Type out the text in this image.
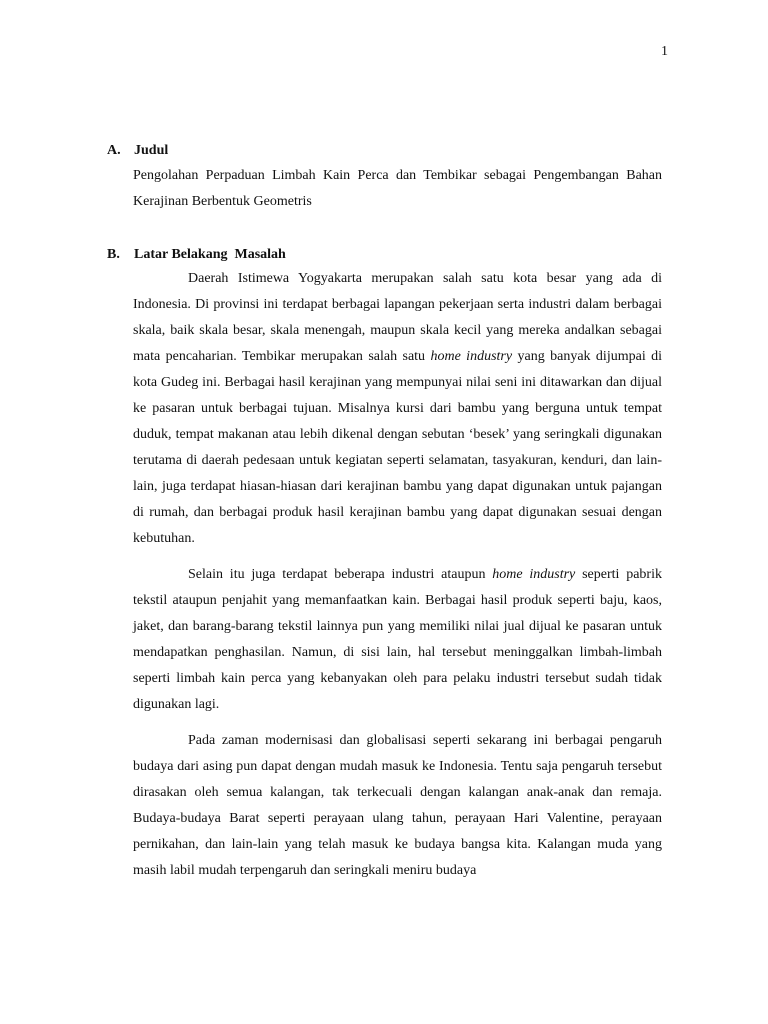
1
A. Judul
Pengolahan Perpaduan Limbah Kain Perca dan Tembikar sebagai Pengembangan Bahan Kerajinan Berbentuk Geometris
B. Latar Belakang  Masalah

Daerah Istimewa Yogyakarta merupakan salah satu kota besar yang ada di Indonesia. Di provinsi ini terdapat berbagai lapangan pekerjaan serta industri dalam berbagai skala, baik skala besar, skala menengah, maupun skala kecil yang mereka andalkan sebagai mata pencaharian. Tembikar merupakan salah satu home industry yang banyak dijumpai di kota Gudeg ini. Berbagai hasil kerajinan yang mempunyai nilai seni ini ditawarkan dan dijual ke pasaran untuk berbagai tujuan. Misalnya kursi dari bambu yang berguna untuk tempat duduk, tempat makanan atau lebih dikenal dengan sebutan ‘besek’ yang seringkali digunakan terutama di daerah pedesaan untuk kegiatan seperti selamatan, tasyakuran, kenduri, dan lain-lain, juga terdapat hiasan-hiasan dari kerajinan bambu yang dapat digunakan untuk pajangan di rumah, dan berbagai produk hasil kerajinan bambu yang dapat digunakan sesuai dengan kebutuhan.

Selain itu juga terdapat beberapa industri ataupun home industry seperti pabrik tekstil ataupun penjahit yang memanfaatkan kain. Berbagai hasil produk seperti baju, kaos, jaket, dan barang-barang tekstil lainnya pun yang memiliki nilai jual dijual ke pasaran untuk mendapatkan penghasilan. Namun, di sisi lain, hal tersebut meninggalkan limbah-limbah seperti limbah kain perca yang kebanyakan oleh para pelaku industri tersebut sudah tidak digunakan lagi.

Pada zaman modernisasi dan globalisasi seperti sekarang ini berbagai pengaruh budaya dari asing pun dapat dengan mudah masuk ke Indonesia. Tentu saja pengaruh tersebut dirasakan oleh semua kalangan, tak terkecuali dengan kalangan anak-anak dan remaja. Budaya-budaya Barat seperti perayaan ulang tahun, perayaan Hari Valentine, perayaan pernikahan, dan lain-lain yang telah masuk ke budaya bangsa kita. Kalangan muda yang masih labil mudah terpengaruh dan seringkali meniru budaya
